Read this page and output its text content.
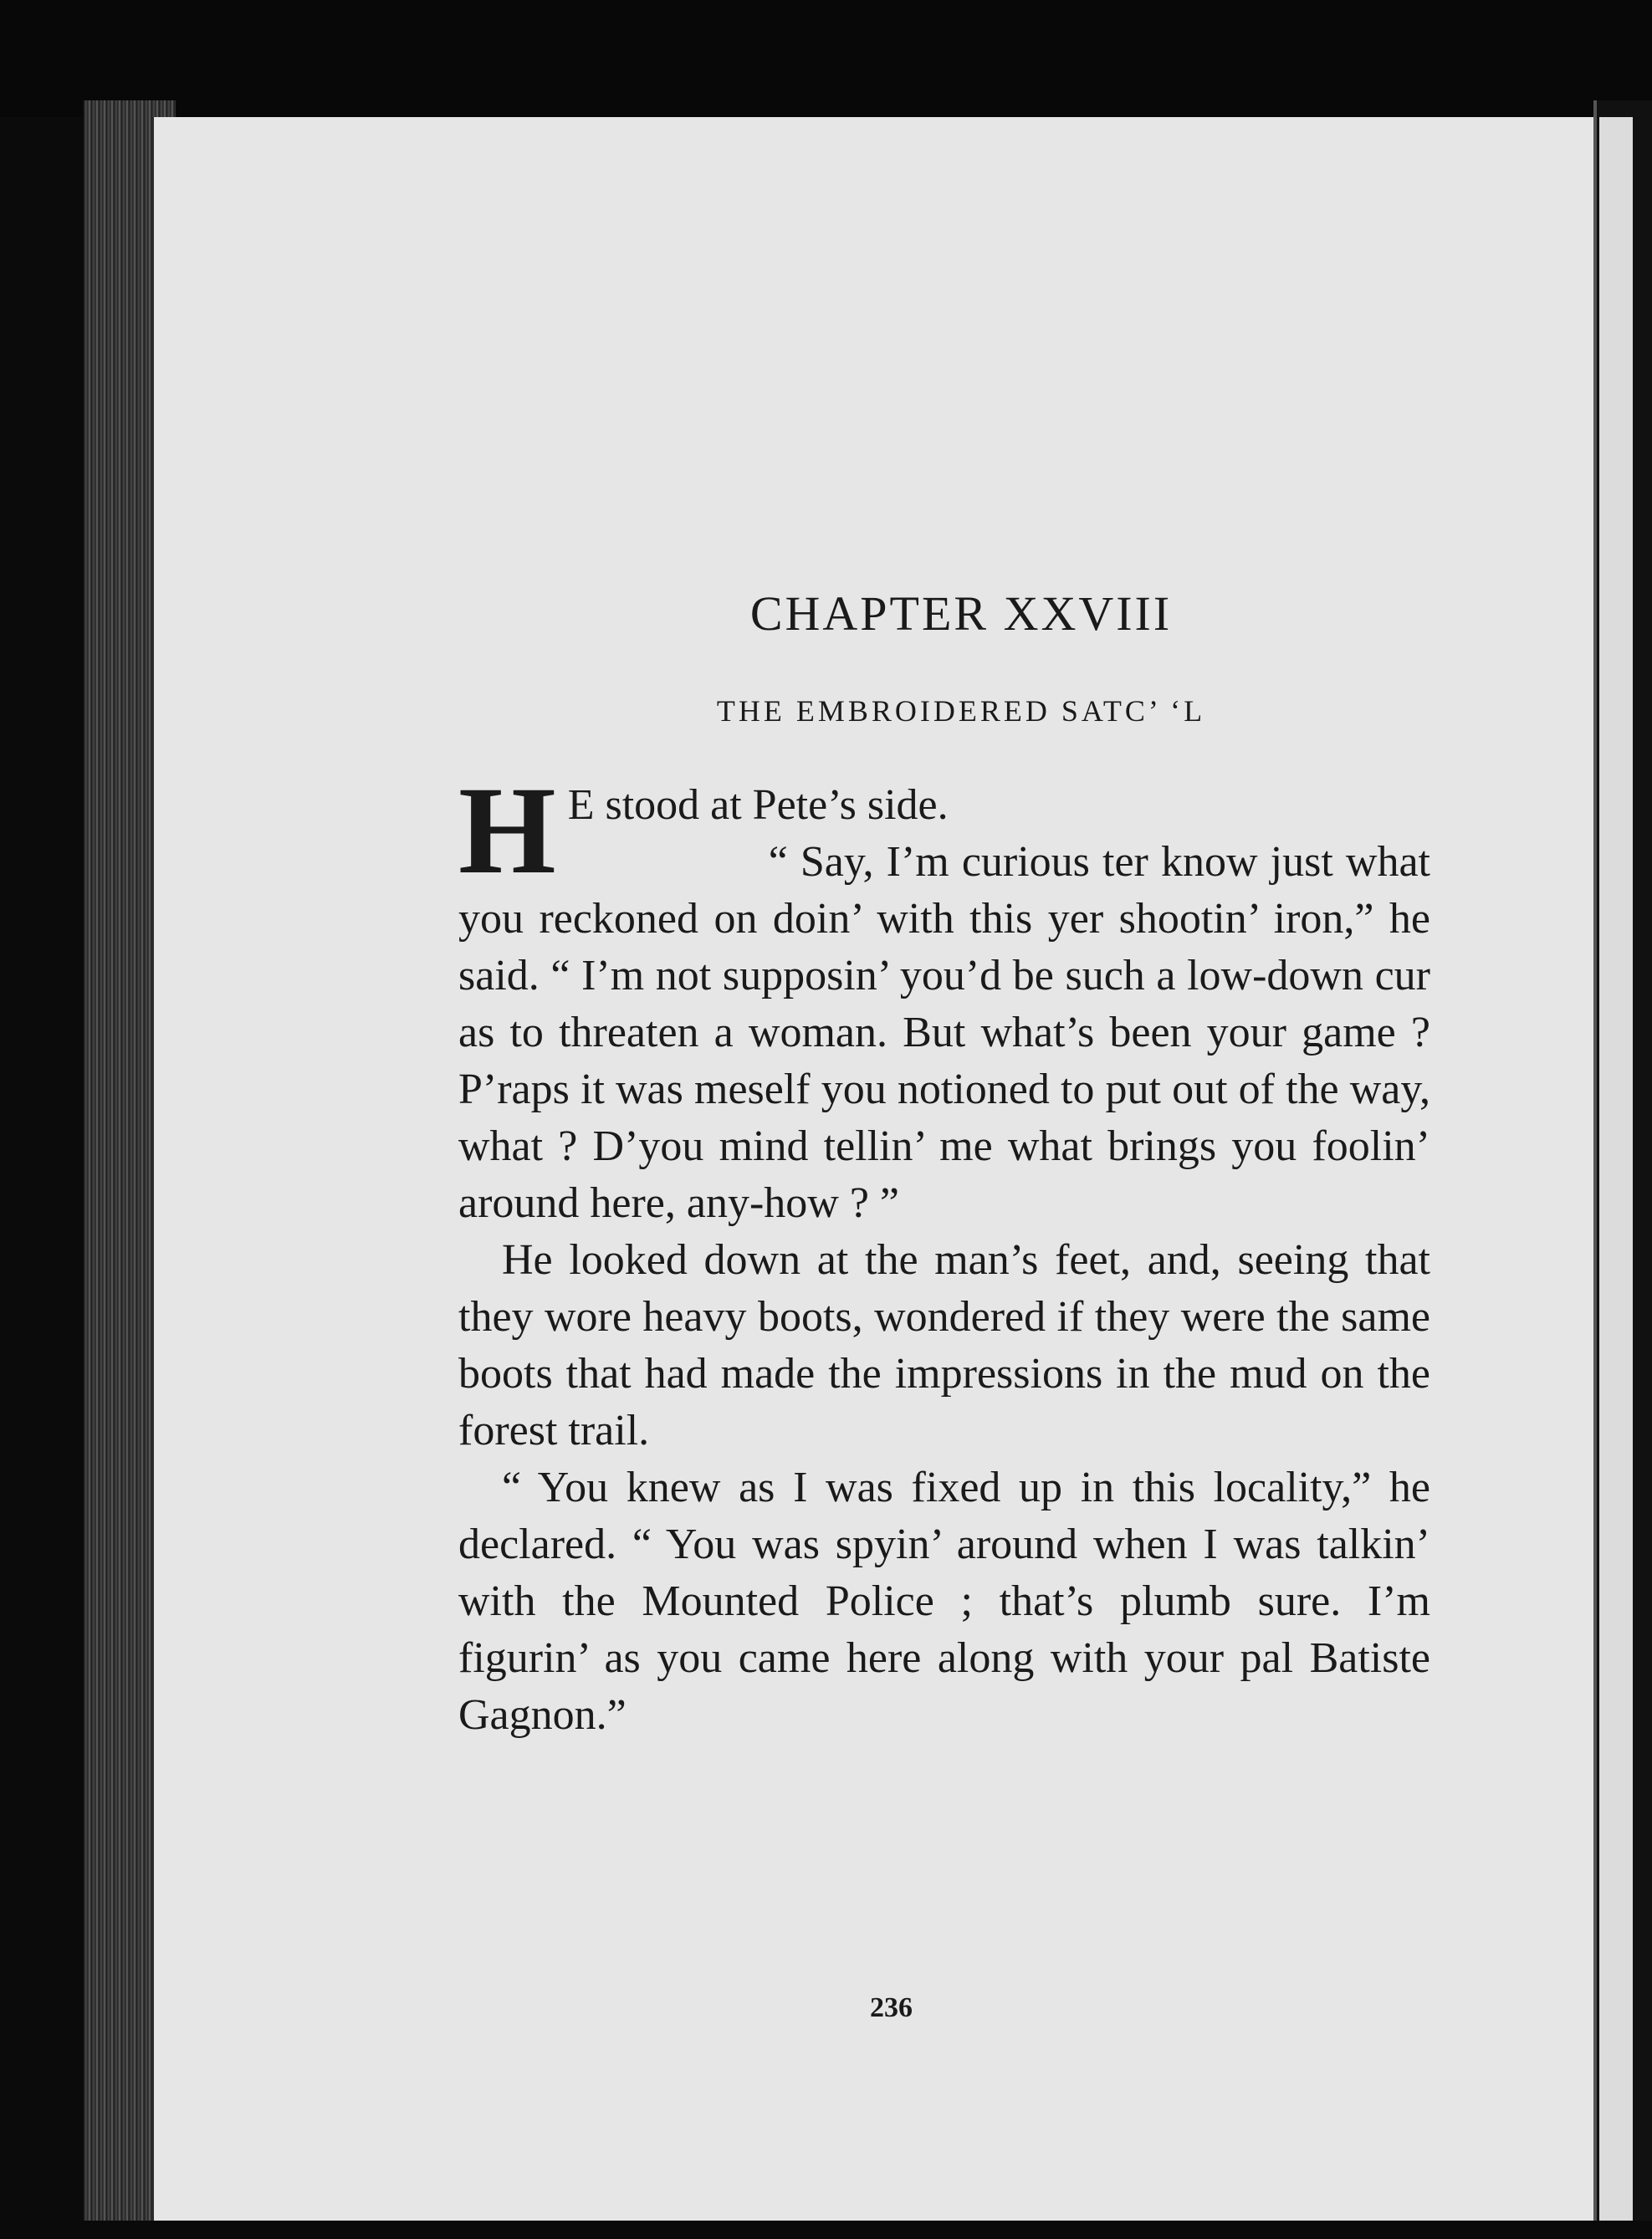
CHAPTER XXVIII
THE EMBROIDERED SATC’ ‘L

H E stood at Pete’s side.

“ Say, I’m curious ter know just what you reckoned on doin’ with this yer shootin’ iron,” he said. “ I’m not supposin’ you’d be such a low-down cur as to threaten a woman. But what’s been your game ? P’raps it was meself you notioned to put out of the way, what ? D’you mind tellin’ me what brings you foolin’ around here, any-how ? ”

He looked down at the man’s feet, and, seeing that they wore heavy boots, wondered if they were the same boots that had made the impressions in the mud on the forest trail.

“ You knew as I was fixed up in this locality,” he declared. “ You was spyin’ around when I was talkin’ with the Mounted Police ; that’s plumb sure. I’m figurin’ as you came here along with your pal Batiste Gagnon.”

236
